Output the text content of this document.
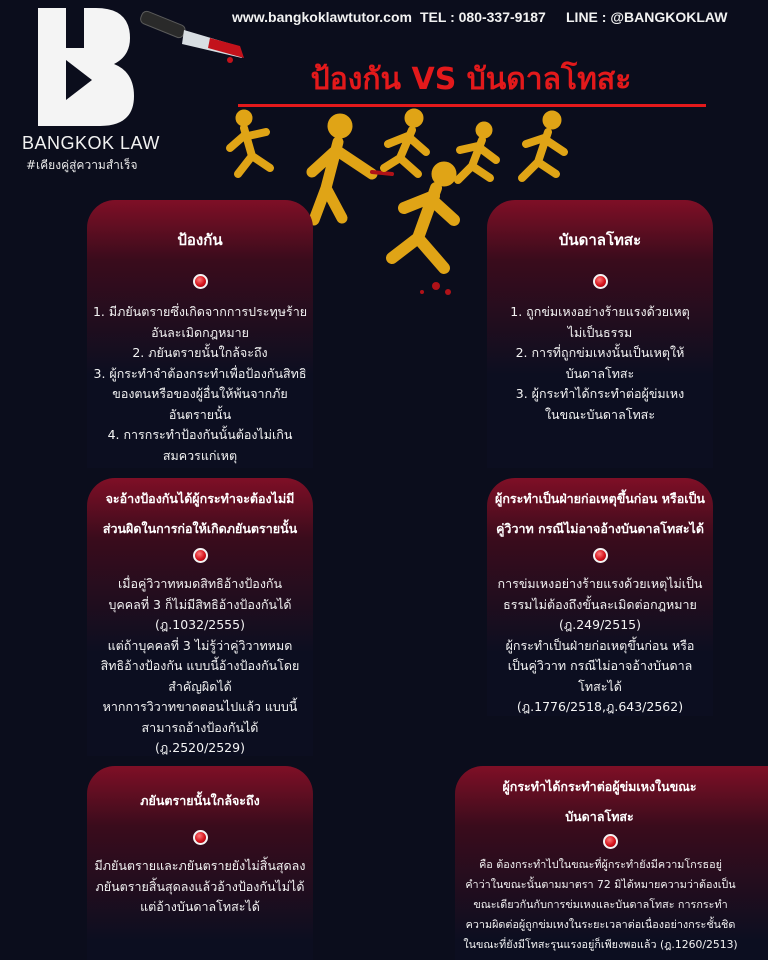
BANGKOK LAW
#เคียงคู่สู่ความสำเร็จ
www.bangkoklawtutor.com TEL : 080-337-9187 LINE : @BANGKOKLAW
ป้องกัน VS บันดาลโทสะ
ป้องกัน
1. มีภยันตรายซึ่งเกิดจากการประทุษร้าย
อันละเมิดกฎหมาย
2. ภยันตรายนั้นใกล้จะถึง
3. ผู้กระทำจำต้องกระทำเพื่อป้องกันสิทธิ
ของตนหรือของผู้อื่นให้พ้นจากภัย
อันตรายนั้น
4. การกระทำป้องกันนั้นต้องไม่เกิน
สมควรแก่เหตุ
บันดาลโทสะ
1. ถูกข่มเหงอย่างร้ายแรงด้วยเหตุ
ไม่เป็นธรรม
2. การที่ถูกข่มเหงนั้นเป็นเหตุให้
บันดาลโทสะ
3. ผู้กระทำได้กระทำต่อผู้ข่มเหง
ในขณะบันดาลโทสะ
จะอ้างป้องกันได้ผู้กระทำจะต้องไม่มี
ส่วนผิดในการก่อให้เกิดภยันตรายนั้น
เมื่อคู่วิวาทหมดสิทธิอ้างป้องกัน
บุคคลที่ 3 ก็ไม่มีสิทธิอ้างป้องกันได้
(ฎ.1032/2555)
แต่ถ้าบุคคลที่ 3 ไม่รู้ว่าคู่วิวาทหมด
สิทธิอ้างป้องกัน แบบนี้อ้างป้องกันโดย
สำคัญผิดได้
หากการวิวาทขาดตอนไปแล้ว แบบนี้
สามารถอ้างป้องกันได้
(ฎ.2520/2529)
ผู้กระทำเป็นฝ่ายก่อเหตุขึ้นก่อน หรือเป็น
คู่วิวาท กรณีไม่อาจอ้างบันดาลโทสะได้
การข่มเหงอย่างร้ายแรงด้วยเหตุไม่เป็น
ธรรมไม่ต้องถึงขั้นละเมิดต่อกฎหมาย
(ฎ.249/2515)
ผู้กระทำเป็นฝ่ายก่อเหตุขึ้นก่อน หรือ
เป็นคู่วิวาท กรณีไม่อาจอ้างบันดาล
โทสะได้
(ฎ.1776/2518,ฎ.643/2562)
ภยันตรายนั้นใกล้จะถึง
มีภยันตรายและภยันตรายยังไม่สิ้นสุดลง
ภยันตรายสิ้นสุดลงแล้วอ้างป้องกันไม่ได้
แต่อ้างบันดาลโทสะได้
ผู้กระทำได้กระทำต่อผู้ข่มเหงในขณะ
บันดาลโทสะ
คือ ต้องกระทำไปในขณะที่ผู้กระทำยังมีความโกรธอยู่
คำว่าในขณะนั้นตามมาตรา 72 มิได้หมายความว่าต้องเป็น
ขณะเดียวกันกับการข่มเหงและบันดาลโทสะ การกระทำ
ความผิดต่อผู้ถูกข่มเหงในระยะเวลาต่อเนื่องอย่างกระชั้นชิด
ในขณะที่ยังมีโทสะรุนแรงอยู่ก็เพียงพอแล้ว (ฎ.1260/2513)
